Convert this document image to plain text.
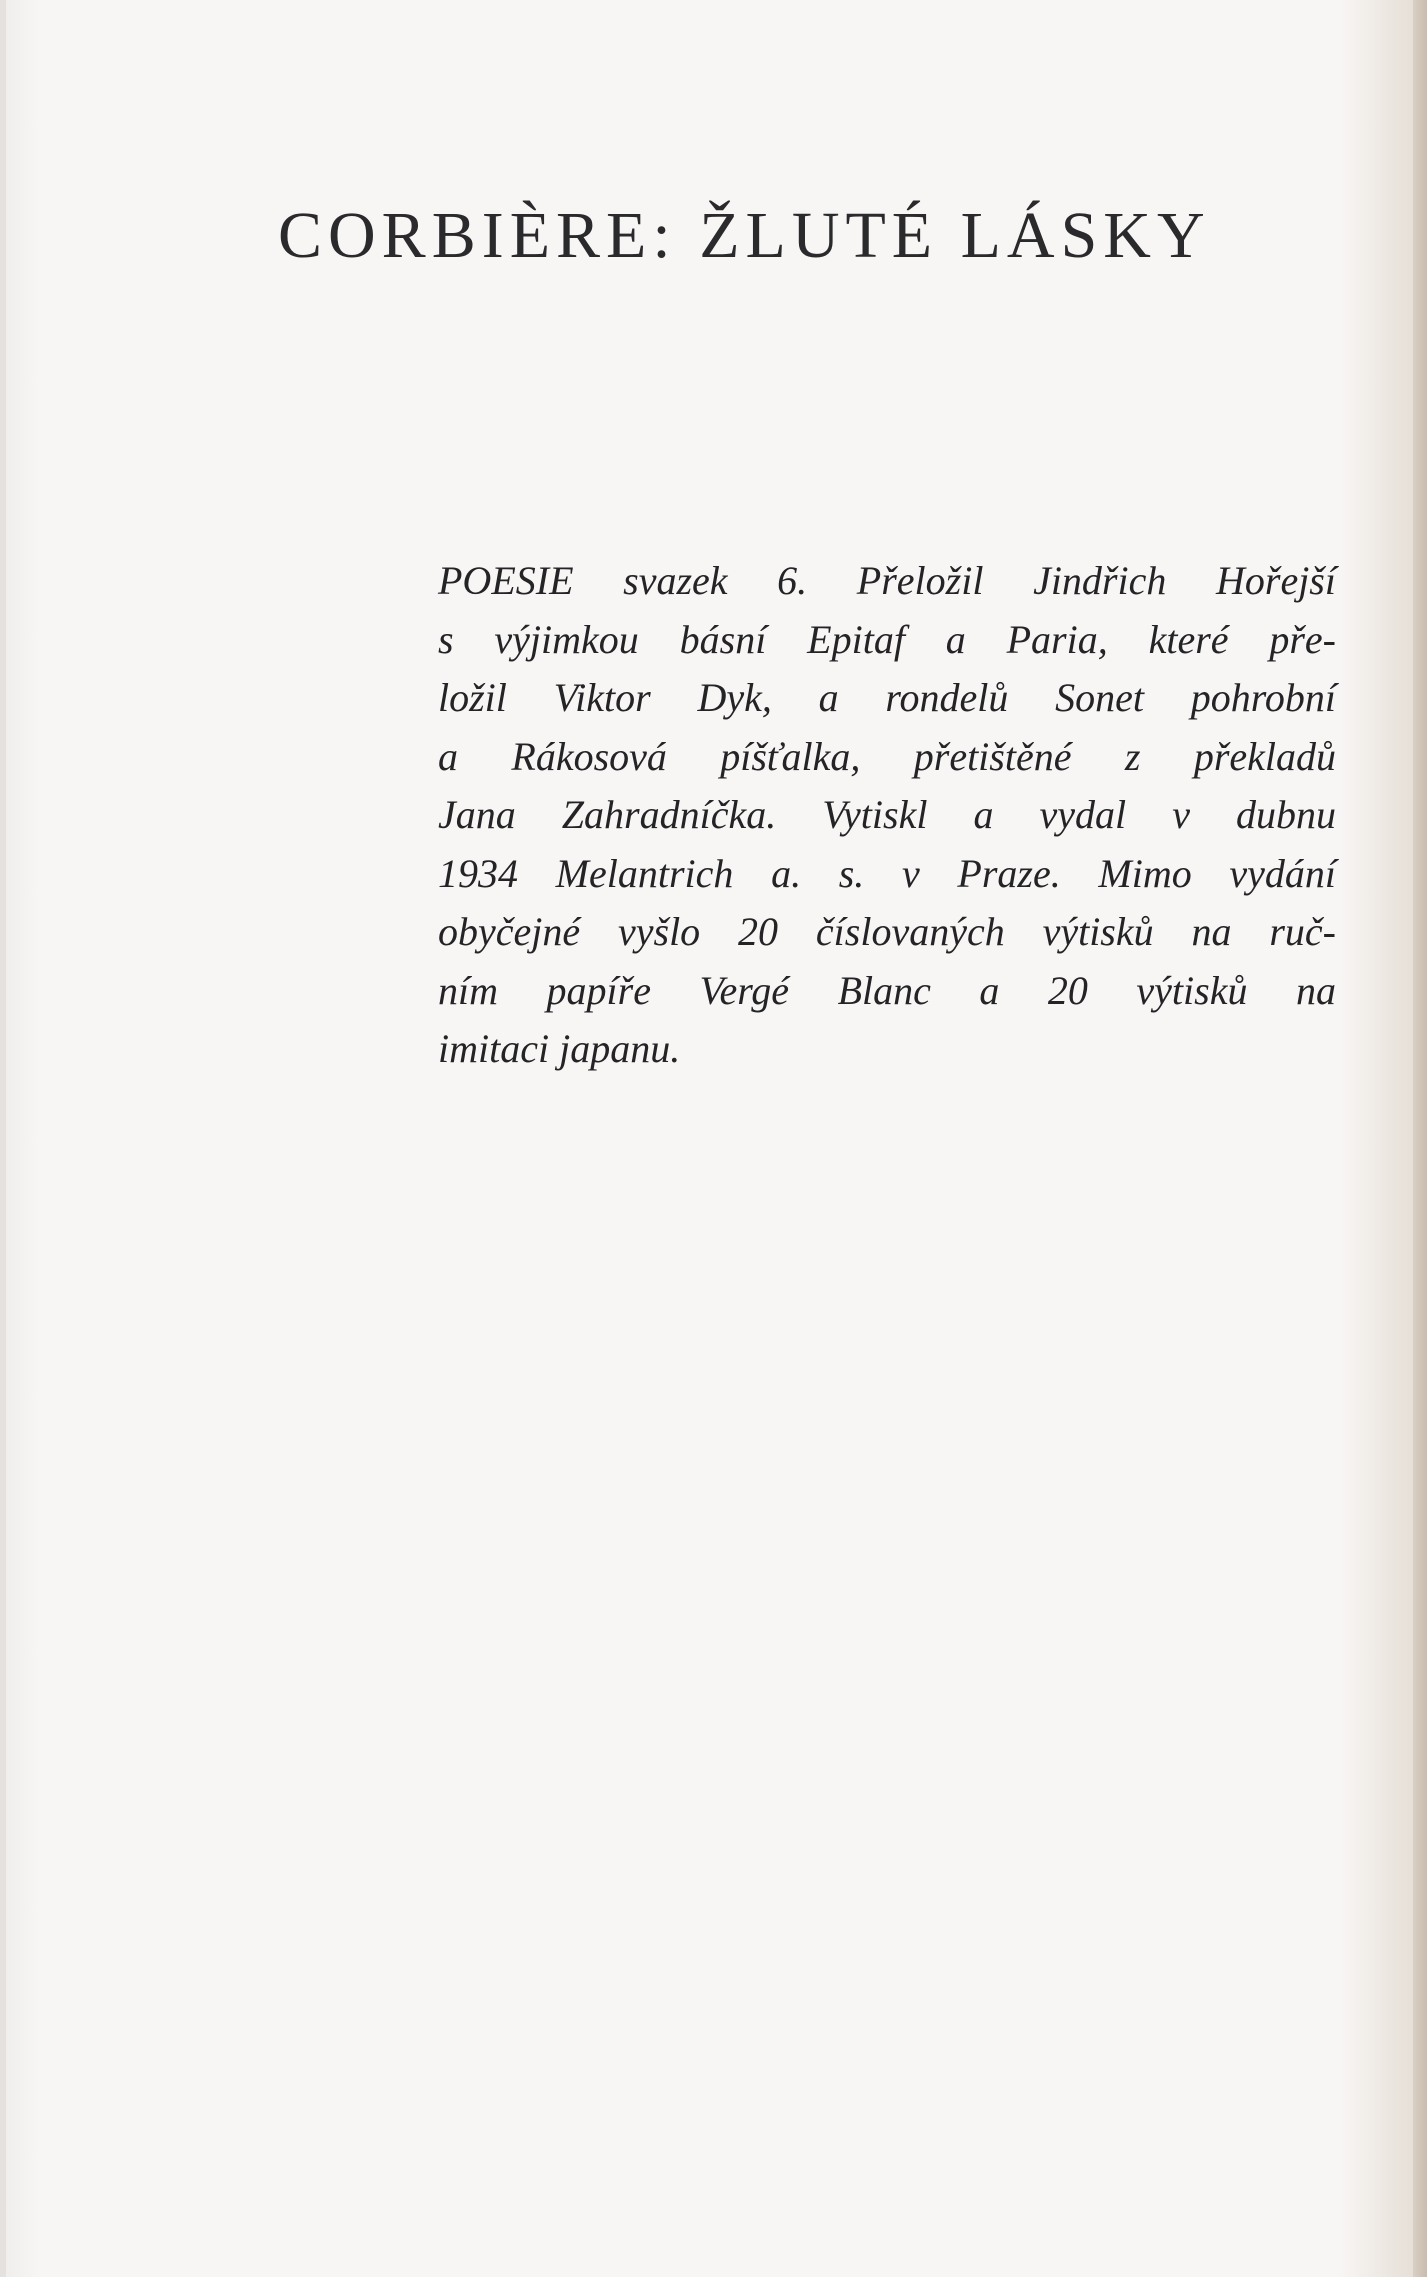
CORBIÈRE: ŽLUTÉ LÁSKY
POESIE svazek 6. Přeložil Jindřich Hořejší
s výjimkou básní Epitaf a Paria, které pře-
ložil Viktor Dyk, a rondelů Sonet pohrobní
a Rákosová píšťalka, přetištěné z překladů
Jana Zahradníčka. Vytiskl a vydal v dubnu
1934 Melantrich a. s. v Praze. Mimo vydání
obyčejné vyšlo 20 číslovaných výtisků na ruč-
ním papíře Vergé Blanc a 20 výtisků na
imitaci japanu.
